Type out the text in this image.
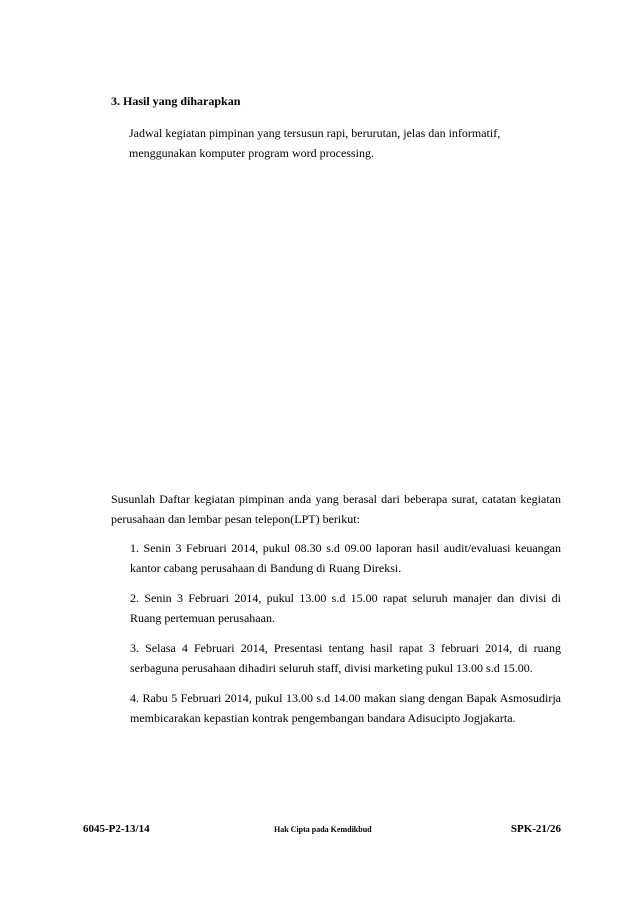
3. Hasil yang diharapkan
Jadwal kegiatan pimpinan yang tersusun rapi, berurutan, jelas dan informatif, menggunakan komputer program word processing.
Susunlah Daftar kegiatan pimpinan anda yang berasal dari beberapa surat, catatan kegiatan perusahaan dan lembar pesan telepon(LPT) berikut:

1. Senin 3 Februari 2014, pukul 08.30 s.d 09.00 laporan hasil audit/evaluasi keuangan kantor cabang perusahaan di Bandung di Ruang Direksi.

2. Senin 3 Februari 2014, pukul 13.00 s.d 15.00 rapat seluruh manajer dan divisi di Ruang pertemuan perusahaan.

3. Selasa 4 Februari 2014, Presentasi tentang hasil rapat 3 februari 2014, di ruang serbaguna perusahaan dihadiri seluruh staff, divisi marketing pukul 13.00 s.d 15.00.

4. Rabu 5 Februari 2014, pukul 13.00 s.d 14.00 makan siang dengan Bapak Asmosudirja membicarakan kepastian kontrak pengembangan bandara Adisucipto Jogjakarta.

6045-P2-13/14	Hak Cipta pada Kemdikbud	SPK-21/26
